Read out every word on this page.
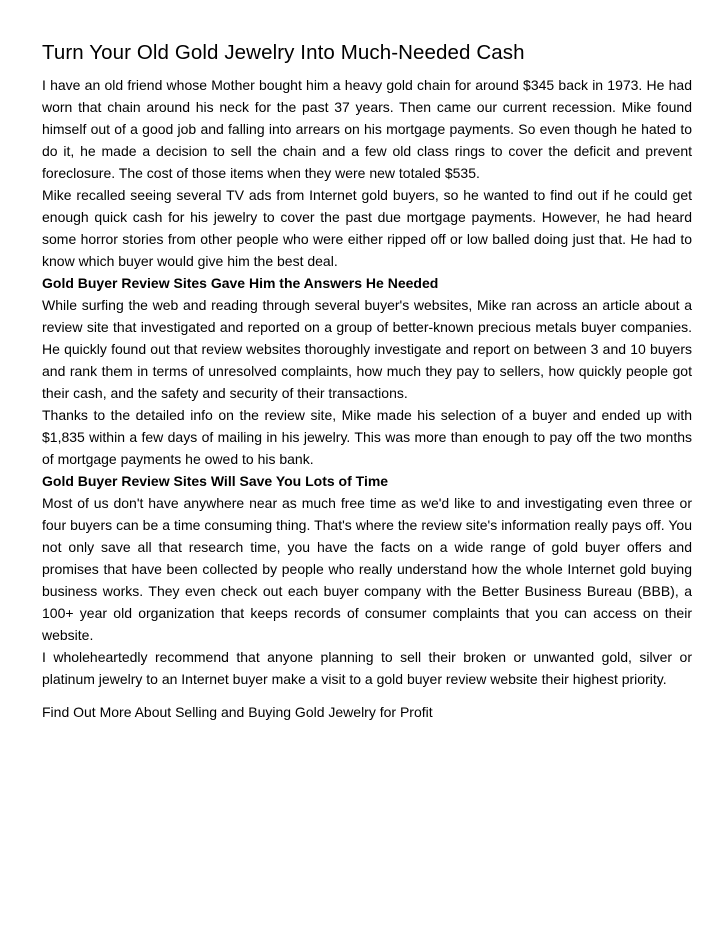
Turn Your Old Gold Jewelry Into Much-Needed Cash

I have an old friend whose Mother bought him a heavy gold chain for around $345 back in 1973. He had worn that chain around his neck for the past 37 years. Then came our current recession. Mike found himself out of a good job and falling into arrears on his mortgage payments. So even though he hated to do it, he made a decision to sell the chain and a few old class rings to cover the deficit and prevent foreclosure. The cost of those items when they were new totaled $535.

Mike recalled seeing several TV ads from Internet gold buyers, so he wanted to find out if he could get enough quick cash for his jewelry to cover the past due mortgage payments. However, he had heard some horror stories from other people who were either ripped off or low balled doing just that. He had to know which buyer would give him the best deal.

Gold Buyer Review Sites Gave Him the Answers He Needed

While surfing the web and reading through several buyer's websites, Mike ran across an article about a review site that investigated and reported on a group of better-known precious metals buyer companies. He quickly found out that review websites thoroughly investigate and report on between 3 and 10 buyers and rank them in terms of unresolved complaints, how much they pay to sellers, how quickly people got their cash, and the safety and security of their transactions.

Thanks to the detailed info on the review site, Mike made his selection of a buyer and ended up with $1,835 within a few days of mailing in his jewelry. This was more than enough to pay off the two months of mortgage payments he owed to his bank.

Gold Buyer Review Sites Will Save You Lots of Time

Most of us don't have anywhere near as much free time as we'd like to and investigating even three or four buyers can be a time consuming thing. That's where the review site's information really pays off. You not only save all that research time, you have the facts on a wide range of gold buyer offers and promises that have been collected by people who really understand how the whole Internet gold buying business works. They even check out each buyer company with the Better Business Bureau (BBB), a 100+ year old organization that keeps records of consumer complaints that you can access on their website.

I wholeheartedly recommend that anyone planning to sell their broken or unwanted gold, silver or platinum jewelry to an Internet buyer make a visit to a gold buyer review website their highest priority.

Find Out More About Selling and Buying Gold Jewelry for Profit
